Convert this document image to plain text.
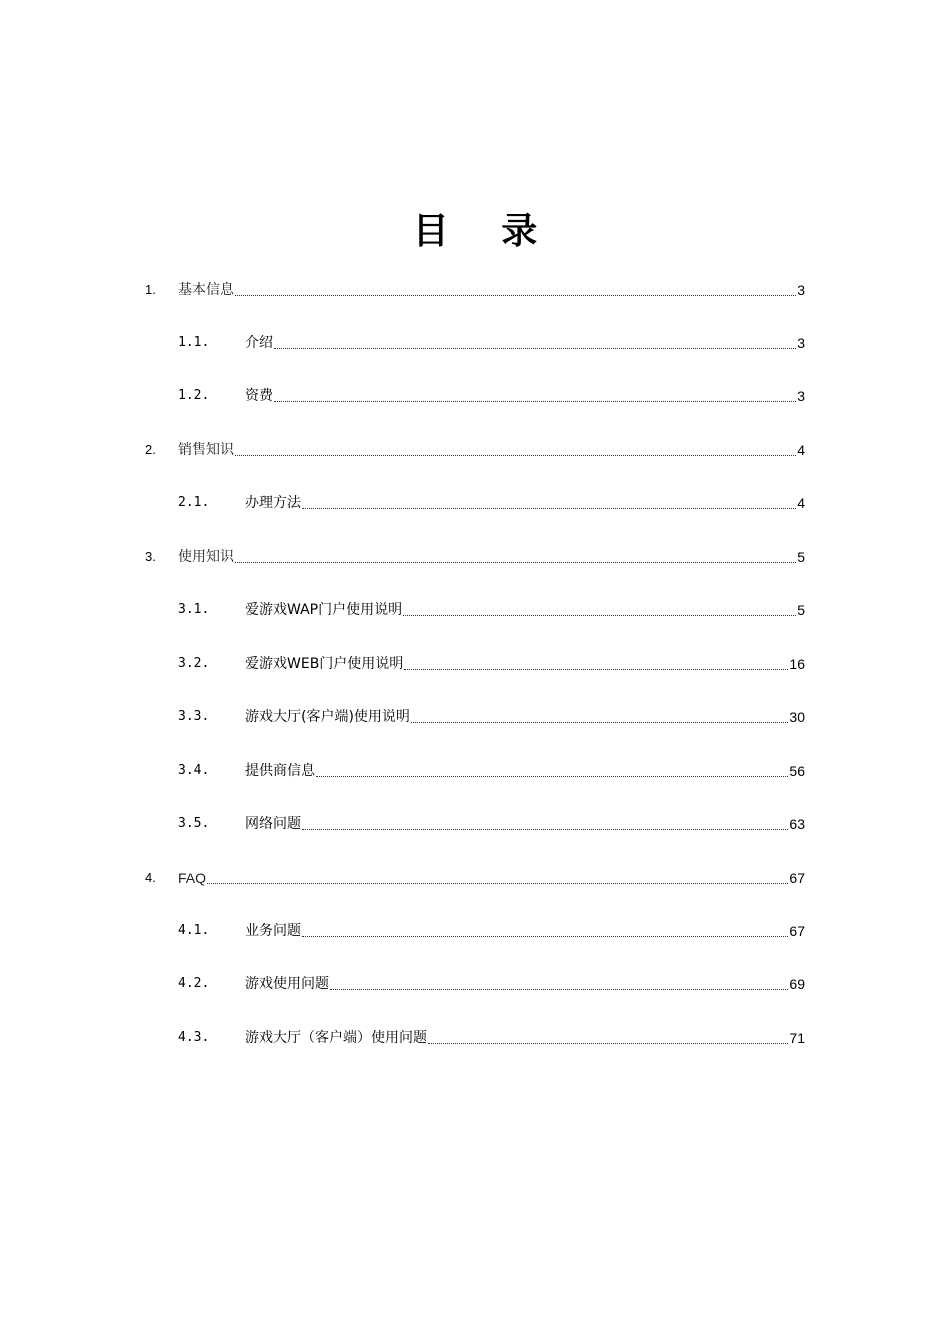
目 录
1.	基本信息	3
1.1.	介绍	3
1.2.	资费	3
2.	销售知识	4
2.1.	办理方法	4
3.	使用知识	5
3.1.	爱游戏WAP门户使用说明	5
3.2.	爱游戏WEB门户使用说明	16
3.3.	游戏大厅(客户端)使用说明	30
3.4.	提供商信息	56
3.5.	网络问题	63
4.	FAQ	67
4.1.	业务问题	67
4.2.	游戏使用问题	69
4.3.	游戏大厅（客户端）使用问题	71
